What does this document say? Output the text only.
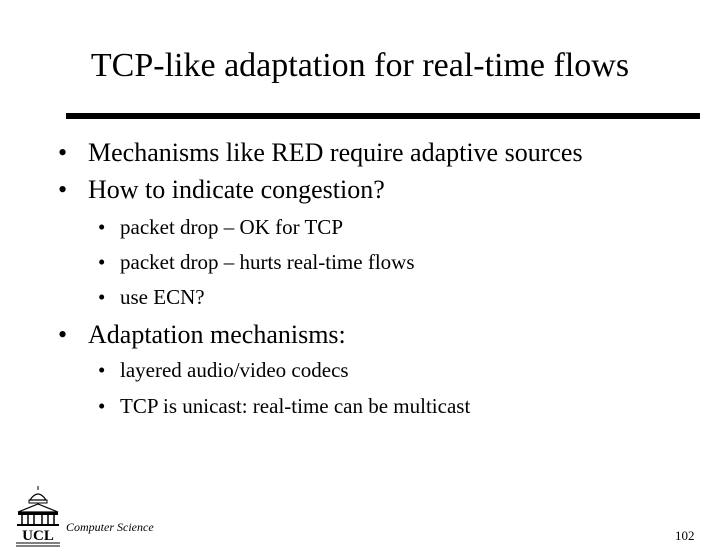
TCP-like adaptation for real-time flows
• Mechanisms like RED require adaptive sources
• How to indicate congestion?
• packet drop – OK for TCP
• packet drop – hurts real-time flows
• use ECN?
• Adaptation mechanisms:
• layered audio/video codecs
• TCP is unicast: real-time can be multicast
UCL
Computer Science
102
